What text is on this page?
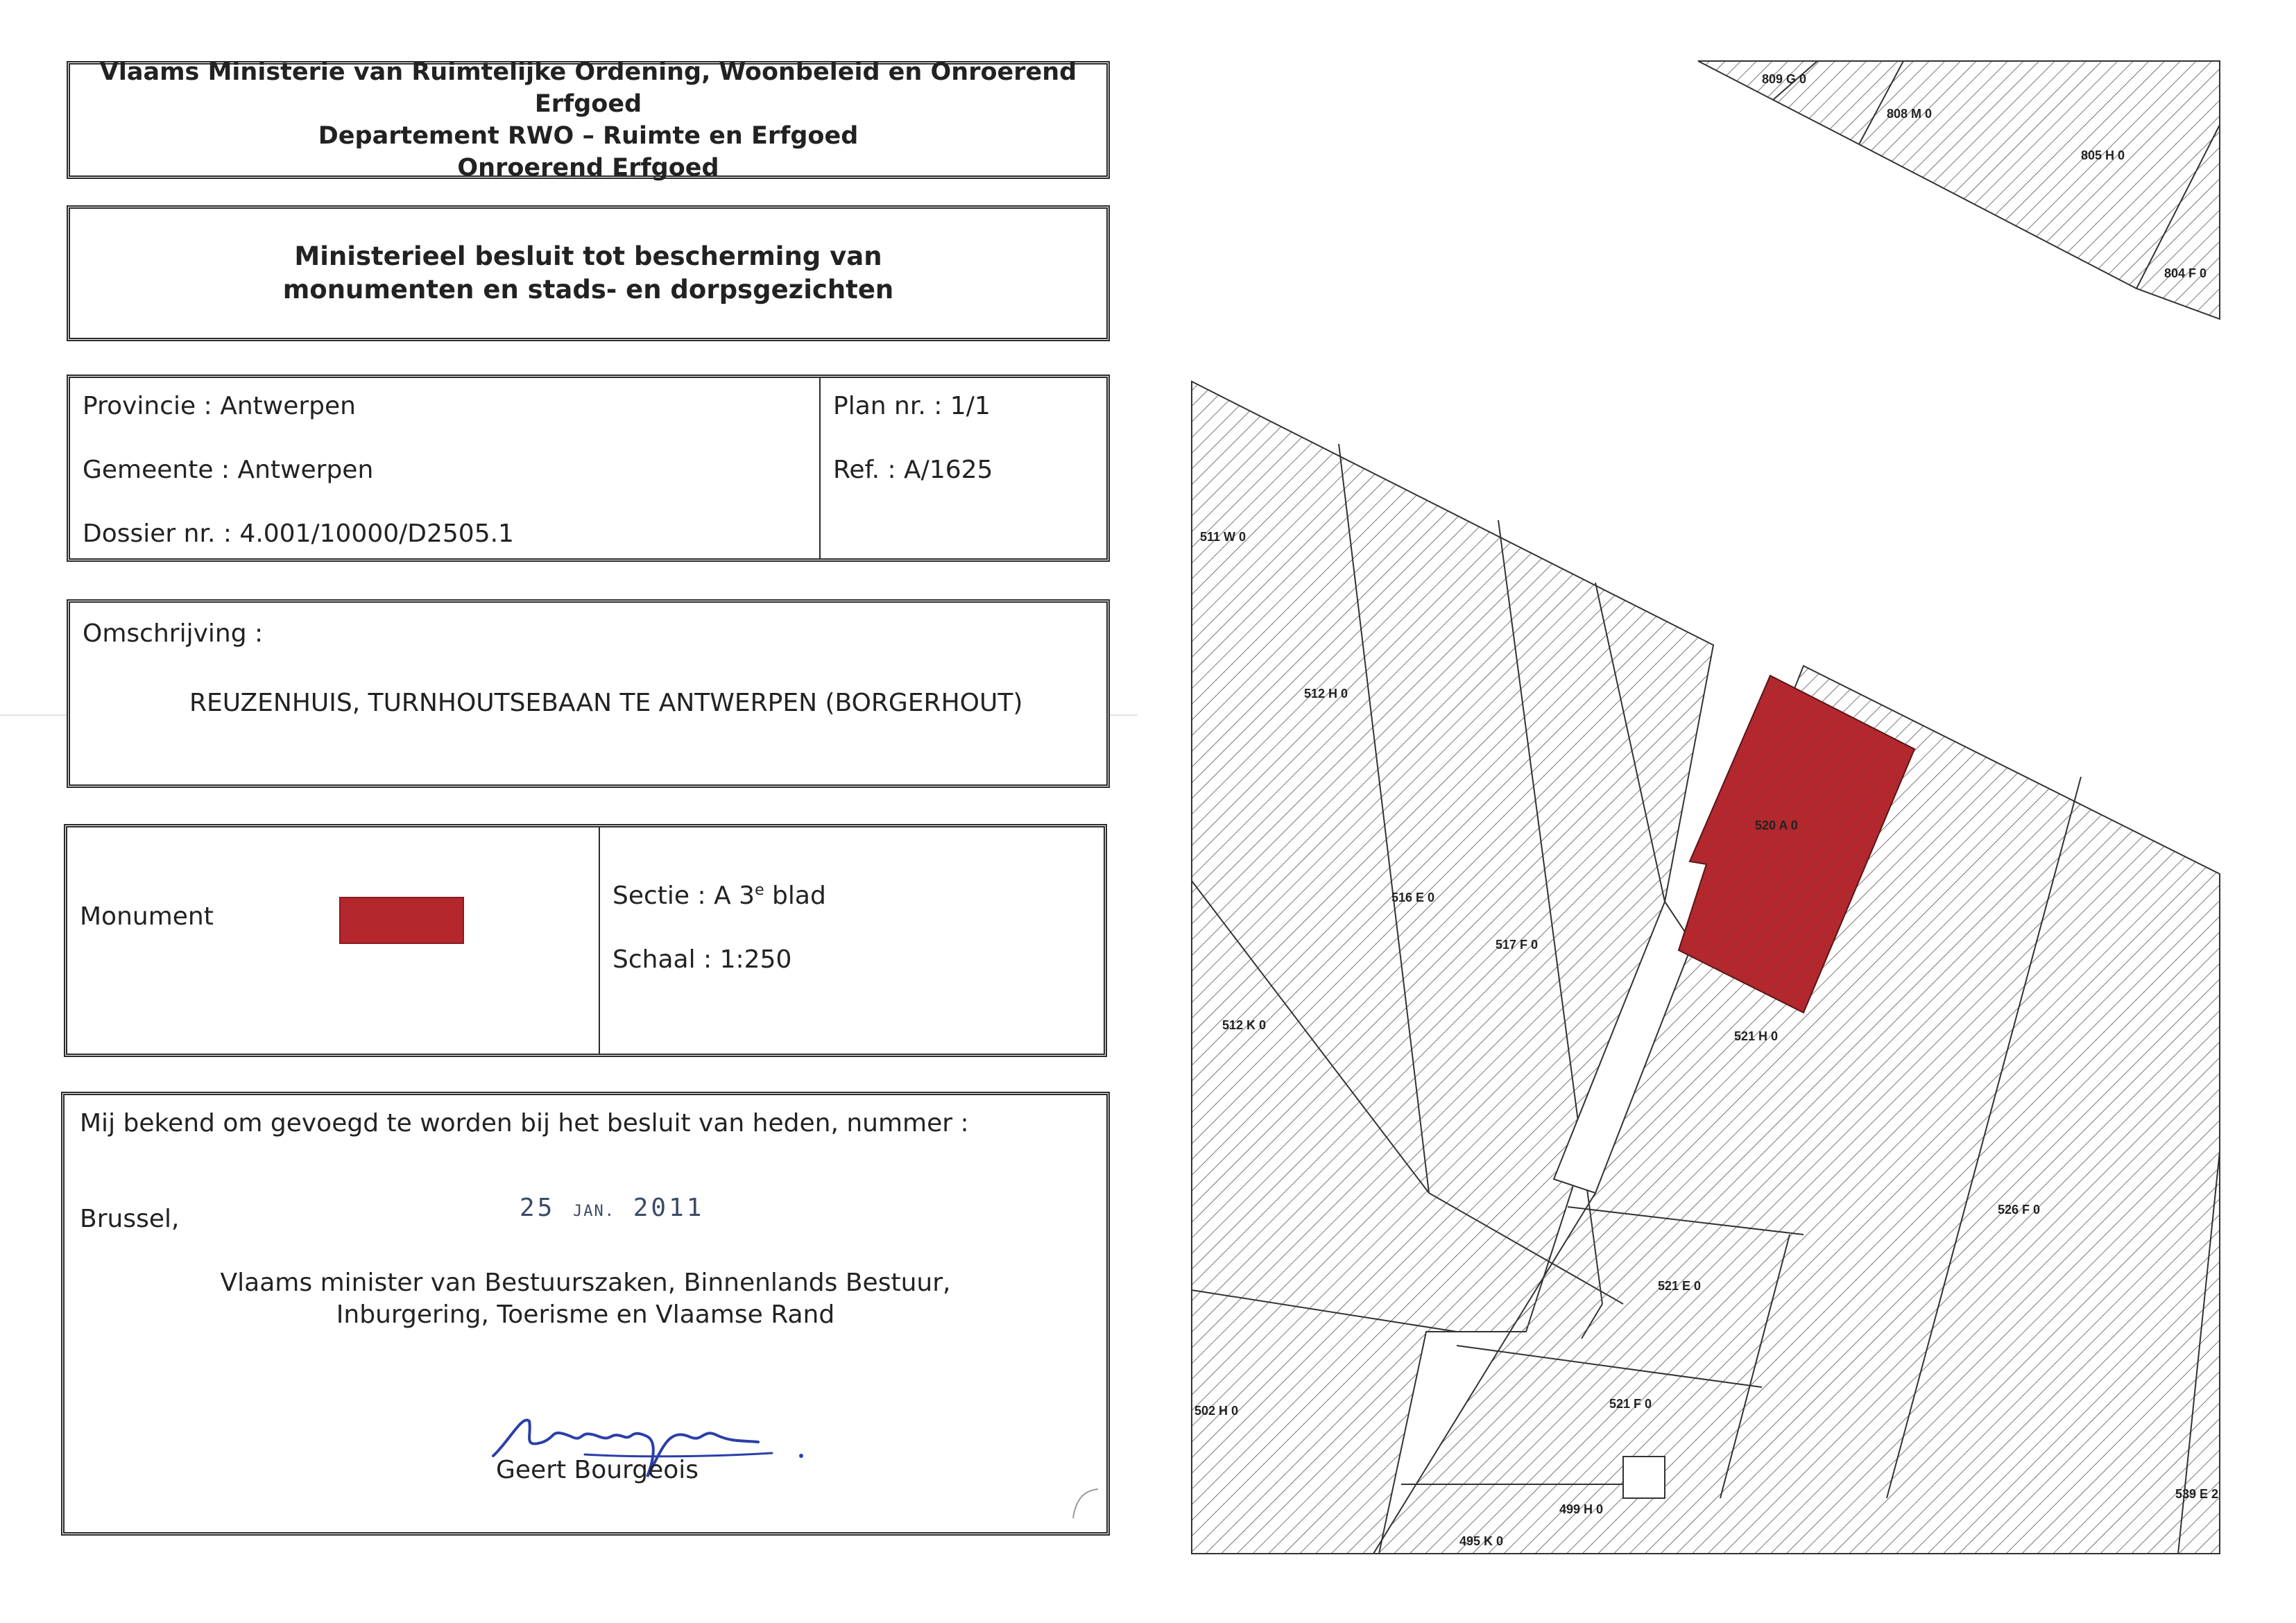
Vlaams Ministerie van Ruimtelijke Ordening, Woonbeleid en Onroerend Erfgoed
Departement RWO – Ruimte en Erfgoed
Onroerend Erfgoed
Ministerieel besluit tot bescherming van
monumenten en stads- en dorpsgezichten
Provincie : Antwerpen
Gemeente : Antwerpen
Dossier nr. : 4.001/10000/D2505.1
Plan nr. : 1/1
Ref. : A/1625
Omschrijving :
REUZENHUIS, TURNHOUTSEBAAN TE ANTWERPEN (BORGERHOUT)
Monument
Sectie : A 3e blad
Schaal : 1:250
Mij bekend om gevoegd te worden bij het besluit van heden, nummer :
Brussel,	25 JAN. 2011
Vlaams minister van Bestuurszaken, Binnenlands Bestuur,
Inburgering, Toerisme en Vlaamse Rand
Geert Bourgeois
809 G 0
808 M 0
805 H 0
804 F 0
511 W 0
512 H 0
520 A 0
516 E 0
517 F 0
512 K 0
521 H 0
526 F 0
521 E 0
521 F 0
502 H 0
499 H 0
495 K 0
539 E 2
